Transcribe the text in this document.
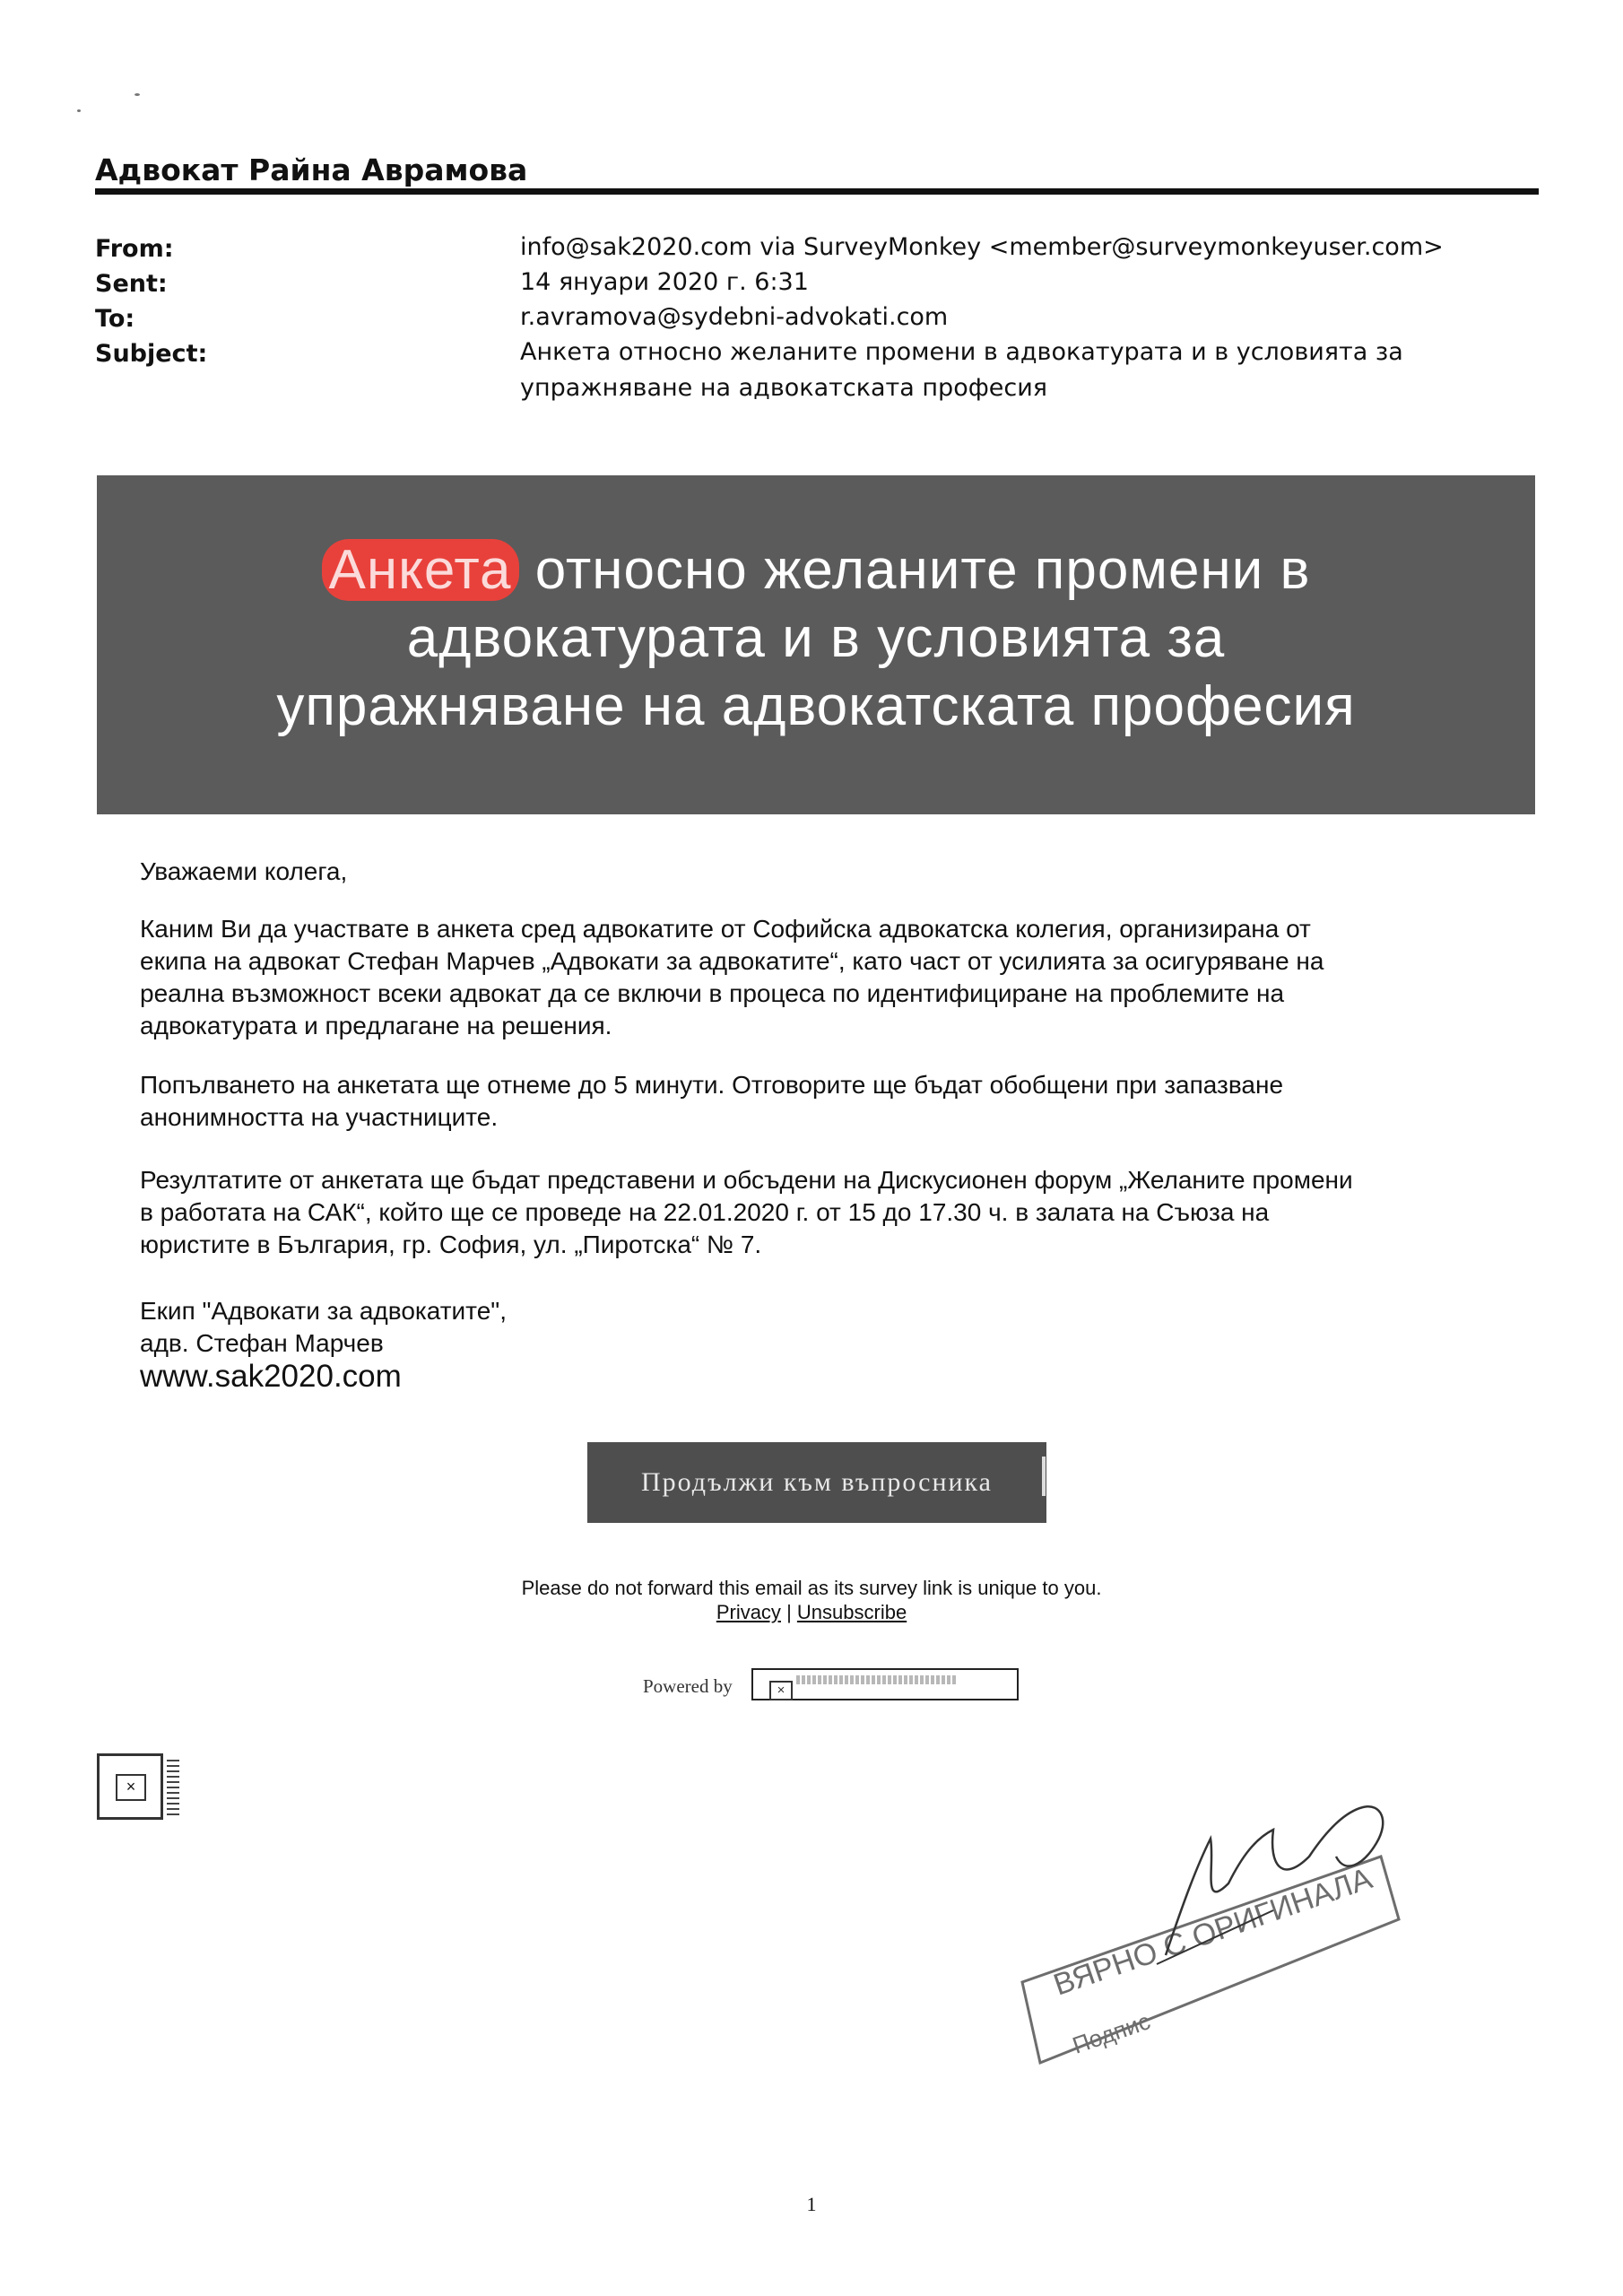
Адвокат Райна Аврамова
From:	info@sak2020.com via SurveyMonkey <member@surveymonkeyuser.com>
Sent:	14 януари 2020 г. 6:31
To:	r.avramova@sydebni-advokati.com
Subject:	Анкета относно желаните промени в адвокатурата и в условията за
упражняване на адвокатската професия
Анкета относно желаните промени в
адвокатурата и в условията за
упражняване на адвокатската професия
Уважаеми колега,
Каним Ви да участвате в анкета сред адвокатите от Софийска адвокатска колегия, организирана от
екипа на адвокат Стефан Марчев „Адвокати за адвокатите“, като част от усилията за осигуряване на
реална възможност всеки адвокат да се включи в процеса по идентифициране на проблемите на
адвокатурата и предлагане на решения.
Попълването на анкетата ще отнеме до 5 минути. Отговорите ще бъдат обобщени при запазване
анонимността на участниците.
Резултатите от анкетата ще бъдат представени и обсъдени на Дискусионен форум „Желаните промени
в работата на САК“, който ще се проведе на 22.01.2020 г. от 15 до 17.30 ч. в залата на Съюза на
юристите в България, гр. София, ул. „Пиротска“ № 7.
Екип "Адвокати за адвокатите",
адв. Стефан Марчев
www.sak2020.com
Продължи към въпросника
Please do not forward this email as its survey link is unique to you.
Privacy | Unsubscribe
Powered by	×
×
ВЯРНО С ОРИГИНАЛА
Подпис
1
